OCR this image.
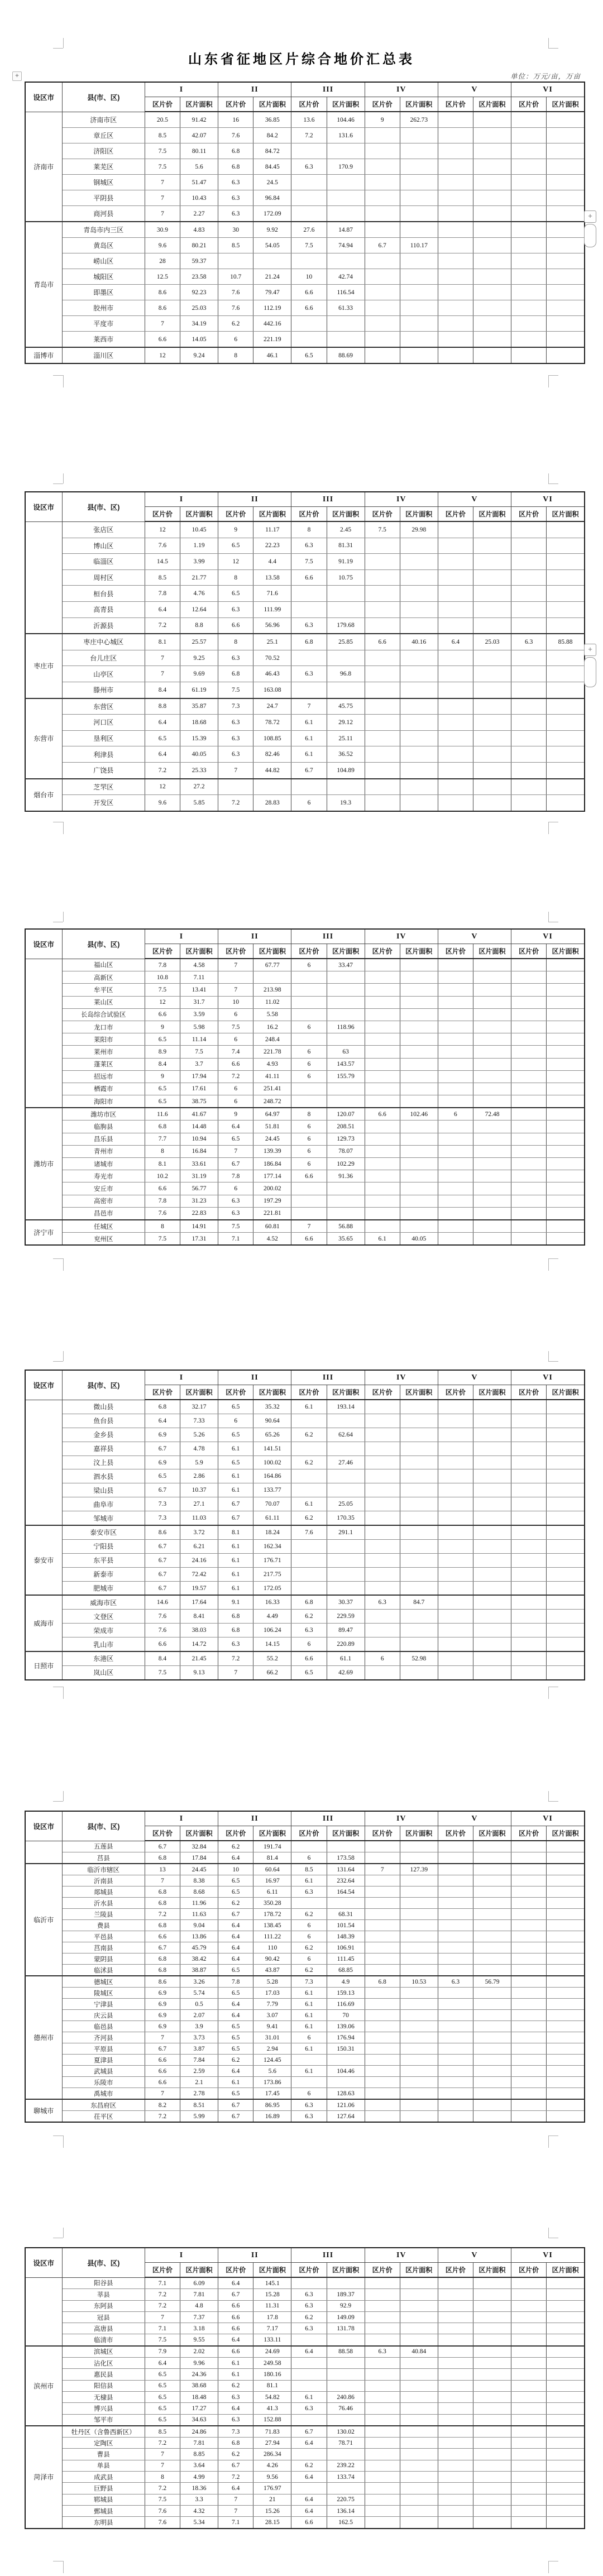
山东省征地区片综合地价汇总表
单位：万元/亩，万亩
+
设区市	县(市、区)	I		II		III		IV		V		VI	
		区片价	区片面积	区片价	区片面积	区片价	区片面积	区片价	区片面积	区片价	区片面积	区片价	区片面积
济南市	济南市区	20.5	91.42	16	36.85	13.6	104.46	9	262.73				
	章丘区	8.5	42.07	7.6	84.2	7.2	131.6						
	济阳区	7.5	80.11	6.8	84.72								
	莱芜区	7.5	5.6	6.8	84.45	6.3	170.9						
	钢城区	7	51.47	6.3	24.5								
	平阴县	7	10.43	6.3	96.84								
	商河县	7	2.27	6.3	172.09								
青岛市	青岛市内三区	30.9	4.83	30	9.92	27.6	14.87						
	黄岛区	9.6	80.21	8.5	54.05	7.5	74.94	6.7	110.17				
	崂山区	28	59.37										
	城阳区	12.5	23.58	10.7	21.24	10	42.74						
	即墨区	8.6	92.23	7.6	79.47	6.6	116.54						
	胶州市	8.6	25.03	7.6	112.19	6.6	61.33						
	平度市	7	34.19	6.2	442.16								
	莱西市	6.6	14.05	6	221.19								
淄博市	淄川区	12	9.24	8	46.1	6.5	88.69						
设区市	县(市、区)	I		II		III		IV		V		VI	
		区片价	区片面积	区片价	区片面积	区片价	区片面积	区片价	区片面积	区片价	区片面积	区片价	区片面积
	张店区	12	10.45	9	11.17	8	2.45	7.5	29.98				
	博山区	7.6	1.19	6.5	22.23	6.3	81.31						
	临淄区	14.5	3.99	12	4.4	7.5	91.19						
	周村区	8.5	21.77	8	13.58	6.6	10.75						
	桓台县	7.8	4.76	6.5	71.6								
	高青县	6.4	12.64	6.3	111.99								
	沂源县	7.2	8.8	6.6	56.96	6.3	179.68						
枣庄市	枣庄中心城区	8.1	25.57	8	25.1	6.8	25.85	6.6	40.16	6.4	25.03	6.3	85.88
	台儿庄区	7	9.25	6.3	70.52								
	山亭区	7	9.69	6.8	46.43	6.3	96.8						
	滕州市	8.4	61.19	7.5	163.08								
东营市	东营区	8.8	35.87	7.3	24.7	7	45.75						
	河口区	6.4	18.68	6.3	78.72	6.1	29.12						
	垦利区	6.5	15.39	6.3	108.85	6.1	25.11						
	利津县	6.4	40.05	6.3	82.46	6.1	36.52						
	广饶县	7.2	25.33	7	44.82	6.7	104.89						
烟台市	芝罘区	12	27.2										
	开发区	9.6	5.85	7.2	28.83	6	19.3						
设区市	县(市、区)	I		II		III		IV		V		VI	
		区片价	区片面积	区片价	区片面积	区片价	区片面积	区片价	区片面积	区片价	区片面积	区片价	区片面积
	福山区	7.8	4.58	7	67.77	6	33.47						
	高新区	10.8	7.11										
	牟平区	7.5	13.41	7	213.98								
	莱山区	12	31.7	10	11.02								
	长岛综合试验区	6.6	3.59	6	5.58								
	龙口市	9	5.98	7.5	16.2	6	118.96						
	莱阳市	6.5	11.14	6	248.4								
	莱州市	8.9	7.5	7.4	221.78	6	63						
	蓬莱区	8.4	3.7	6.6	4.93	6	143.57						
	招远市	9	17.94	7.2	41.11	6	155.79						
	栖霞市	6.5	17.61	6	251.41								
	海阳市	6.5	38.75	6	248.72								
潍坊市	潍坊市区	11.6	41.67	9	64.97	8	120.07	6.6	102.46	6	72.48		
	临朐县	6.8	14.48	6.4	51.81	6	208.51						
	昌乐县	7.7	10.94	6.5	24.45	6	129.73						
	青州市	8	16.84	7	139.39	6	78.07						
	诸城市	8.1	33.61	6.7	186.84	6	102.29						
	寿光市	10.2	31.19	7.8	177.14	6.6	91.36						
	安丘市	6.6	56.77	6	200.02								
	高密市	7.8	31.23	6.3	197.29								
	昌邑市	7.6	22.83	6.3	221.81								
济宁市	任城区	8	14.91	7.5	60.81	7	56.88						
	兖州区	7.5	17.31	7.1	4.52	6.6	35.65	6.1	40.05				
设区市	县(市、区)	I		II		III		IV		V		VI	
		区片价	区片面积	区片价	区片面积	区片价	区片面积	区片价	区片面积	区片价	区片面积	区片价	区片面积
	微山县	6.8	32.17	6.5	35.32	6.1	193.14						
	鱼台县	6.4	7.33	6	90.64								
	金乡县	6.9	5.26	6.5	65.26	6.2	62.64						
	嘉祥县	6.7	4.78	6.1	141.51								
	汶上县	6.9	5.9	6.5	100.02	6.2	27.46						
	泗水县	6.5	2.86	6.1	164.86								
	梁山县	6.7	10.37	6.1	133.77								
	曲阜市	7.3	27.1	6.7	70.07	6.1	25.05						
	邹城市	7.3	11.03	6.7	61.11	6.2	170.35						
泰安市	泰安市区	8.6	3.72	8.1	18.24	7.6	291.1						
	宁阳县	6.7	6.21	6.1	162.34								
	东平县	6.7	24.16	6.1	176.71								
	新泰市	6.7	72.42	6.1	217.75								
	肥城市	6.7	19.57	6.1	172.05								
威海市	威海市区	14.6	17.64	9.1	16.33	6.8	30.37	6.3	84.7				
	文登区	7.6	8.41	6.8	4.49	6.2	229.59						
	荣成市	7.6	38.03	6.8	106.24	6.3	89.47						
	乳山市	6.6	14.72	6.3	14.15	6	220.89						
日照市	东港区	8.4	21.45	7.2	55.2	6.6	61.1	6	52.98				
	岚山区	7.5	9.13	7	66.2	6.5	42.69						
设区市	县(市、区)	I		II		III		IV		V		VI	
		区片价	区片面积	区片价	区片面积	区片价	区片面积	区片价	区片面积	区片价	区片面积	区片价	区片面积
	五莲县	6.7	32.84	6.2	191.74								
	莒县	6.8	17.84	6.4	81.4	6	173.58						
临沂市	临沂市辖区	13	24.45	10	60.64	8.5	131.64	7	127.39				
	沂南县	7	8.38	6.5	16.97	6.1	232.64						
	郯城县	6.8	8.68	6.5	6.11	6.3	164.54						
	沂水县	6.8	11.96	6.2	350.28								
	兰陵县	7.2	11.63	6.7	178.72	6.2	68.31						
	费县	6.8	9.04	6.4	138.45	6	101.54						
	平邑县	6.6	13.86	6.4	111.22	6	148.39						
	莒南县	6.7	45.79	6.4	110	6.2	106.91						
	蒙阴县	6.8	38.42	6.4	90.42	6	111.45						
	临沭县	6.8	38.87	6.5	43.87	6.2	68.85						
德州市	德城区	8.6	3.26	7.8	5.28	7.3	4.9	6.8	10.53	6.3	56.79		
	陵城区	6.9	5.74	6.5	17.03	6.1	159.13						
	宁津县	6.9	0.5	6.4	7.79	6.1	116.69						
	庆云县	6.9	2.07	6.4	3.07	6.1	70						
	临邑县	6.9	3.9	6.5	9.41	6.1	139.06						
	齐河县	7	3.73	6.5	31.01	6	176.94						
	平原县	6.7	3.87	6.5	2.94	6.1	150.31						
	夏津县	6.6	7.84	6.2	124.45								
	武城县	6.6	2.59	6.4	5.6	6.1	104.46						
	乐陵市	6.6	2.1	6.1	173.86								
	禹城市	7	2.78	6.5	17.45	6	128.63						
聊城市	东昌府区	8.2	8.51	6.7	86.95	6.3	121.06						
	茌平区	7.2	5.99	6.7	16.89	6.3	127.64						
设区市	县(市、区)	I		II		III		IV		V		VI	
		区片价	区片面积	区片价	区片面积	区片价	区片面积	区片价	区片面积	区片价	区片面积	区片价	区片面积
	阳谷县	7.1	6.09	6.4	145.1								
	莘县	7.2	7.81	6.7	15.28	6.3	189.37						
	东阿县	7.2	4.8	6.6	11.31	6.3	92.9						
	冠县	7	7.37	6.6	17.8	6.2	149.09						
	高唐县	7.1	3.18	6.6	7.17	6.3	131.78						
	临清市	7.5	9.55	6.4	133.11								
滨州市	滨城区	7.9	2.02	6.6	24.69	6.4	88.58	6.3	40.84				
	沾化区	6.4	9.96	6.1	249.58								
	惠民县	6.5	24.36	6.1	180.16								
	阳信县	6.5	38.68	6.2	81.1								
	无棣县	6.5	18.48	6.3	54.82	6.1	240.86						
	博兴县	6.5	17.27	6.4	41.3	6.3	76.46						
	邹平市	6.5	34.63	6.3	152.88								
菏泽市	牡丹区（含鲁西新区）	8.5	24.86	7.3	71.83	6.7	130.02						
	定陶区	7.2	7.81	6.8	27.94	6.4	78.71						
	曹县	7	8.85	6.2	286.34								
	单县	7	3.64	6.7	4.26	6.2	239.22						
	成武县	8	4.99	7.2	9.56	6.4	133.74						
	巨野县	7.2	18.36	6.4	176.97								
	郓城县	7.5	3.3	7	21	6.4	220.75						
	鄄城县	7.6	4.32	7	15.26	6.4	136.14						
	东明县	7.6	5.34	7.1	28.15	6.6	162.5						
+
+
